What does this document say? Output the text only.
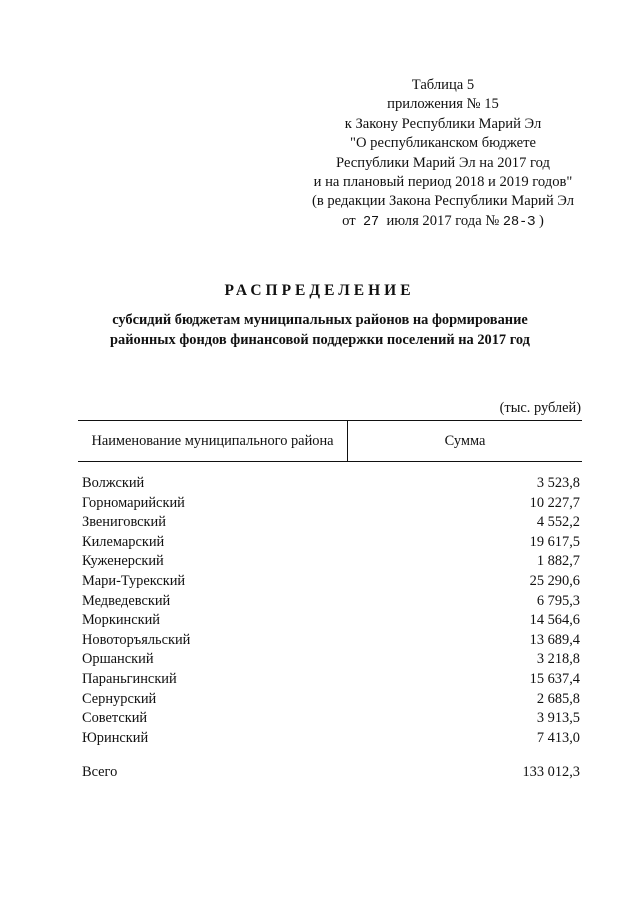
Таблица 5
приложения № 15
к Закону Республики Марий Эл
"О республиканском бюджете
Республики Марий Эл на 2017 год
и на плановый период 2018 и 2019 годов"
(в редакции Закона Республики Марий Эл
от 27 июля 2017 года № 28-З )
РАСПРЕДЕЛЕНИЕ
субсидий бюджетам муниципальных районов на формирование
районных фондов финансовой поддержки поселений на 2017 год
(тыс. рублей)
Наименование муниципального района	Сумма
Волжский	3 523,8
Горномарийский	10 227,7
Звениговский	4 552,2
Килемарский	19 617,5
Куженерский	1 882,7
Мари-Турекский	25 290,6
Медведевский	6 795,3
Моркинский	14 564,6
Новоторъяльский	13 689,4
Оршанский	3 218,8
Параньгинский	15 637,4
Сернурский	2 685,8
Советский	3 913,5
Юринский	7 413,0
Всего	133 012,3
